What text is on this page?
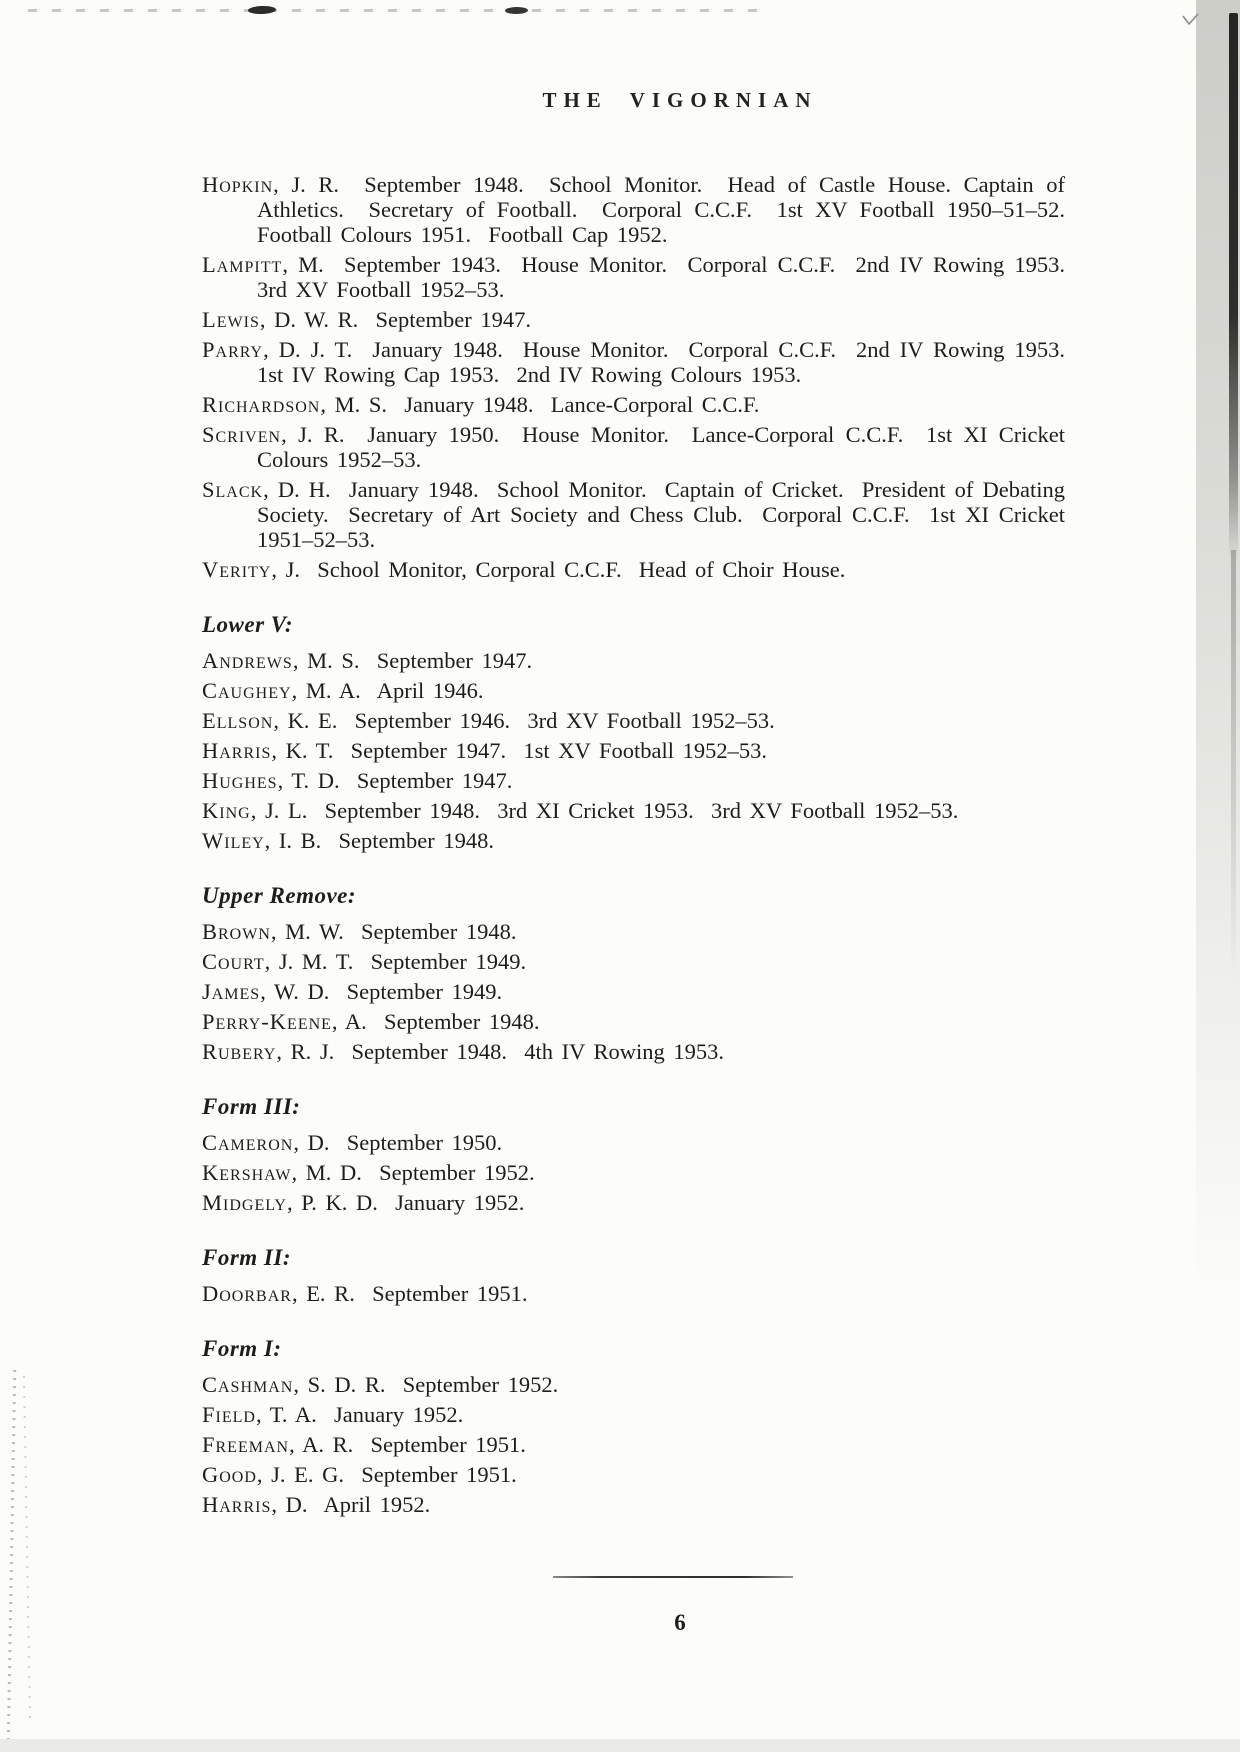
THE VIGORNIAN

Hopkin, J. R.  September 1948.  School Monitor.  Head of Castle House. Captain of Athletics.  Secretary of Football.  Corporal C.C.F.  1st XV Football 1950–51–52.  Football Colours 1951.  Football Cap 1952.

Lampitt, M.  September 1943.  House Monitor.  Corporal C.C.F.  2nd IV Rowing 1953.  3rd XV Football 1952–53.

Lewis, D. W. R.  September 1947.

Parry, D. J. T.  January 1948.  House Monitor.  Corporal C.C.F.  2nd IV Rowing 1953.  1st IV Rowing Cap 1953.  2nd IV Rowing Colours 1953.

Richardson, M. S.  January 1948.  Lance-Corporal C.C.F.

Scriven, J. R.  January 1950.  House Monitor.  Lance-Corporal C.C.F.  1st XI Cricket Colours 1952–53.

Slack, D. H.  January 1948.  School Monitor.  Captain of Cricket.  President of Debating Society.  Secretary of Art Society and Chess Club.  Corporal C.C.F.  1st XI Cricket 1951–52–53.

Verity, J.  School Monitor, Corporal C.C.F.  Head of Choir House.

Lower V:

Andrews, M. S.  September 1947.

Caughey, M. A.  April 1946.

Ellson, K. E.  September 1946.  3rd XV Football 1952–53.

Harris, K. T.  September 1947.  1st XV Football 1952–53.

Hughes, T. D.  September 1947.

King, J. L.  September 1948.  3rd XI Cricket 1953.  3rd XV Football 1952–53.

Wiley, I. B.  September 1948.

Upper Remove:

Brown, M. W.  September 1948.

Court, J. M. T.  September 1949.

James, W. D.  September 1949.

Perry-Keene, A.  September 1948.

Rubery, R. J.  September 1948.  4th IV Rowing 1953.

Form III:

Cameron, D.  September 1950.

Kershaw, M. D.  September 1952.

Midgely, P. K. D.  January 1952.

Form II:

Doorbar, E. R.  September 1951.

Form I:

Cashman, S. D. R.  September 1952.

Field, T. A.  January 1952.

Freeman, A. R.  September 1951.

Good, J. E. G.  September 1951.

Harris, D.  April 1952.

6
